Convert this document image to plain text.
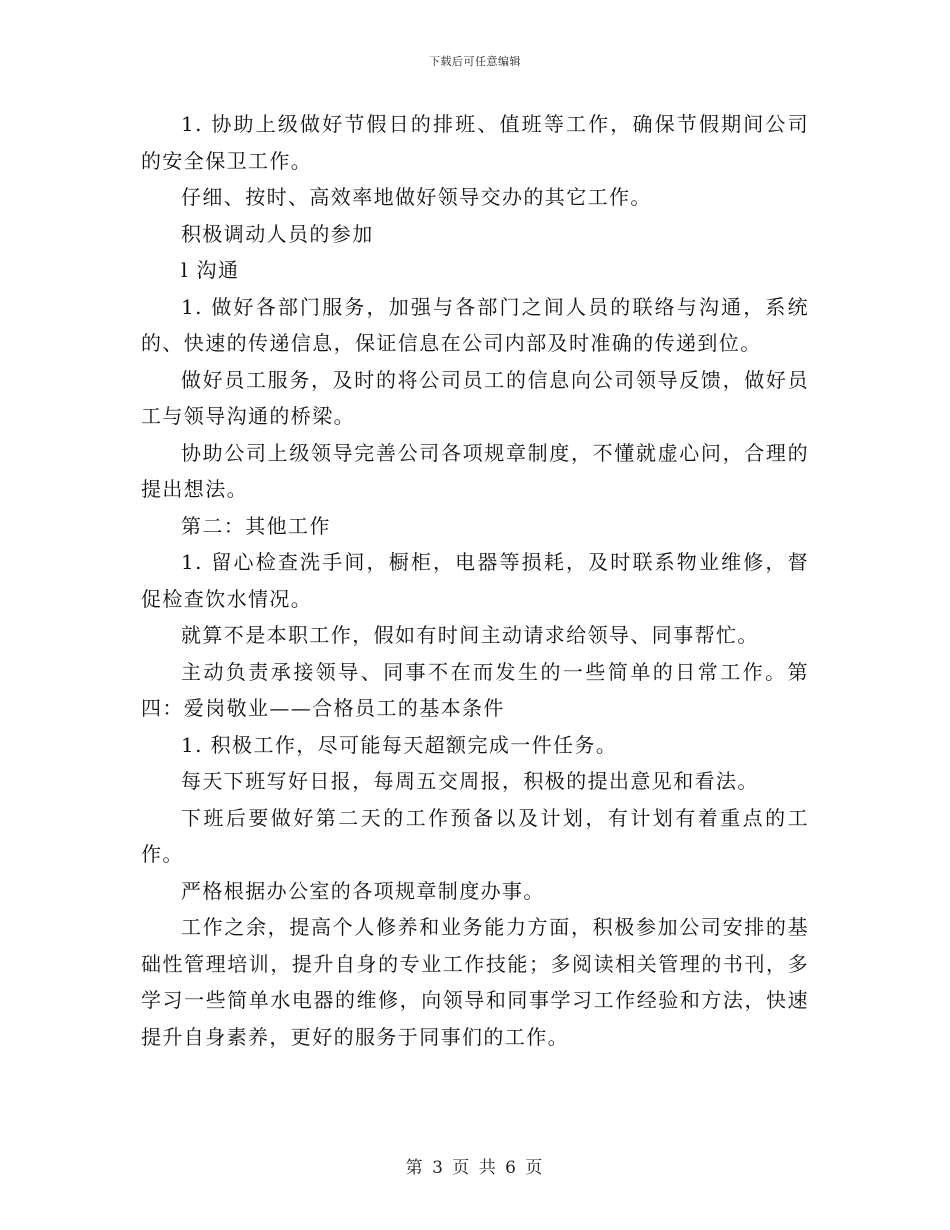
下载后可任意编辑

1. 协助上级做好节假日的排班、值班等工作，确保节假期间公司的安全保卫工作。

仔细、按时、高效率地做好领导交办的其它工作。

积极调动人员的参加

l 沟通

1. 做好各部门服务，加强与各部门之间人员的联络与沟通，系统的、快速的传递信息，保证信息在公司内部及时准确的传递到位。

做好员工服务，及时的将公司员工的信息向公司领导反馈，做好员工与领导沟通的桥梁。

协助公司上级领导完善公司各项规章制度，不懂就虚心问，合理的提出想法。

第二：其他工作

1. 留心检查洗手间，橱柜，电器等损耗，及时联系物业维修，督促检查饮水情况。

就算不是本职工作，假如有时间主动请求给领导、同事帮忙。

主动负责承接领导、同事不在而发生的一些简单的日常工作。第四：爱岗敬业——合格员工的基本条件

1. 积极工作，尽可能每天超额完成一件任务。

每天下班写好日报，每周五交周报，积极的提出意见和看法。

下班后要做好第二天的工作预备以及计划，有计划有着重点的工作。

严格根据办公室的各项规章制度办事。

工作之余，提高个人修养和业务能力方面，积极参加公司安排的基础性管理培训，提升自身的专业工作技能；多阅读相关管理的书刊，多学习一些简单水电器的维修，向领导和同事学习工作经验和方法，快速提升自身素养，更好的服务于同事们的工作。

第 3 页 共 6 页
